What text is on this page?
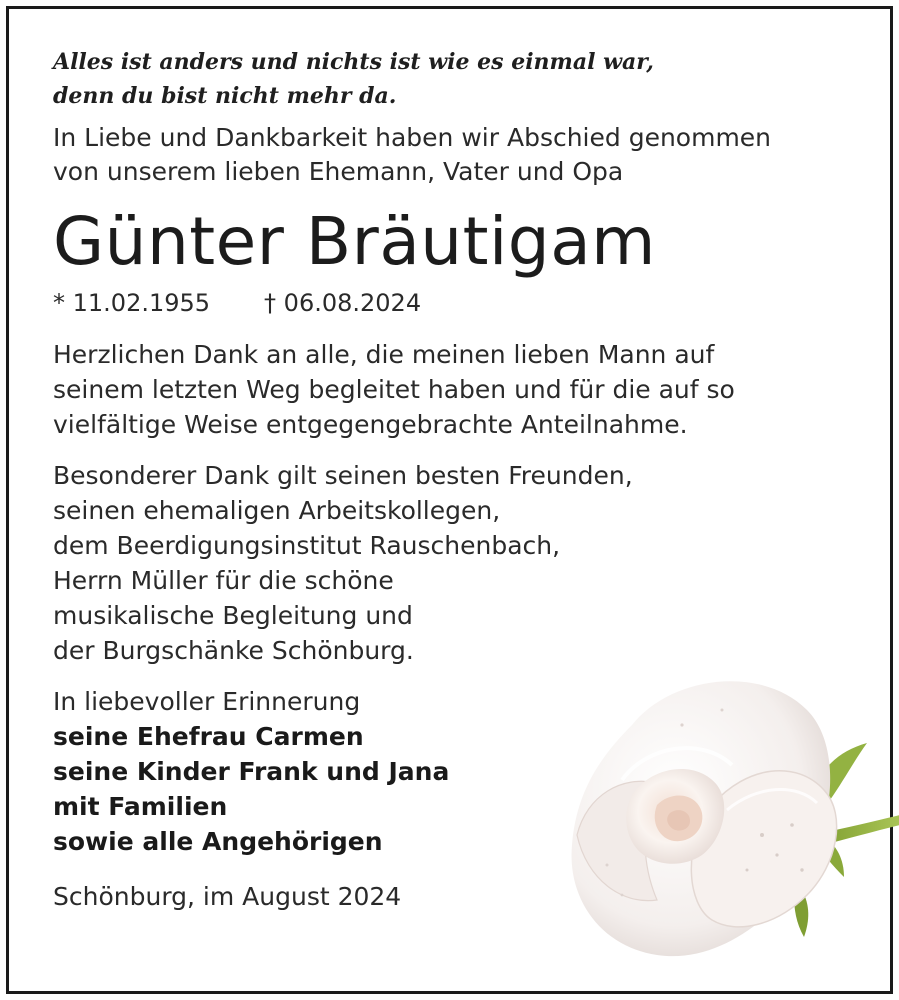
Alles ist anders und nichts ist wie es einmal war,
denn du bist nicht mehr da.

In Liebe und Dankbarkeit haben wir Abschied genommen
von unserem lieben Ehemann, Vater und Opa

Günter Bräutigam
* 11.02.1955 † 06.08.2024

Herzlichen Dank an alle, die meinen lieben Mann auf
seinem letzten Weg begleitet haben und für die auf so
vielfältige Weise entgegengebrachte Anteilnahme.

Besonderer Dank gilt seinen besten Freunden,
seinen ehemaligen Arbeitskollegen,
dem Beerdigungsinstitut Rauschenbach,
Herrn Müller für die schöne
musikalische Begleitung und
der Burgschänke Schönburg.

In liebevoller Erinnerung
seine Ehefrau Carmen
seine Kinder Frank und Jana
mit Familien
sowie alle Angehörigen

Schönburg, im August 2024
